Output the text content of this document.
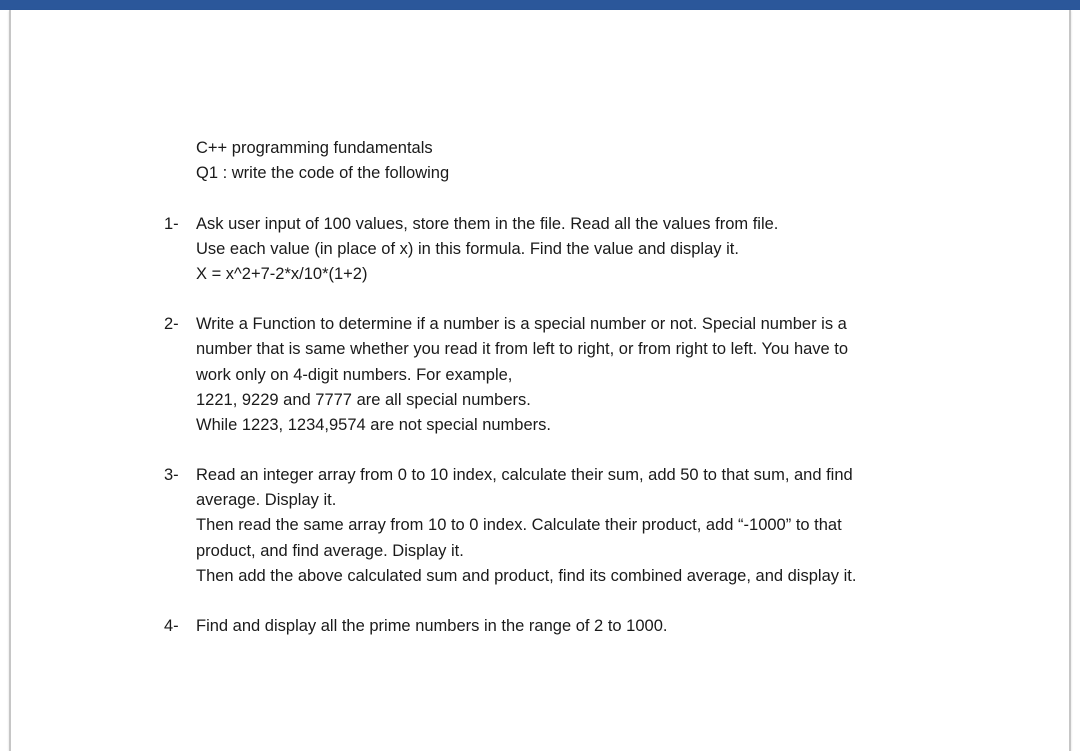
C++ programming fundamentals
Q1 : write the code of the following
1- Ask user input of 100 values, store them in the file. Read all the values from file.
Use each value (in place of x) in this formula. Find the value and display it.
X = x^2+7-2*x/10*(1+2)
2- Write a Function to determine if a number is a special number or not. Special number is a
number that is same whether you read it from left to right, or from right to left. You have to
work only on 4-digit numbers. For example,
1221, 9229 and 7777 are all special numbers.
While 1223, 1234,9574 are not special numbers.
3- Read an integer array from 0 to 10 index, calculate their sum, add 50 to that sum, and find
average. Display it.
Then read the same array from 10 to 0 index. Calculate their product, add “-1000” to that
product, and find average. Display it.
Then add the above calculated sum and product, find its combined average, and display it.
4- Find and display all the prime numbers in the range of 2 to 1000.
